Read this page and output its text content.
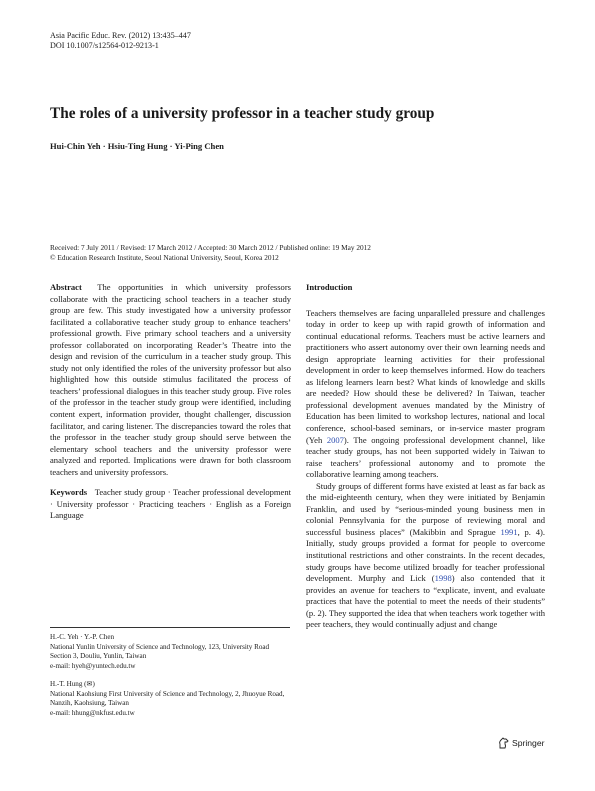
Asia Pacific Educ. Rev. (2012) 13:435–447
DOI 10.1007/s12564-012-9213-1
The roles of a university professor in a teacher study group
Hui-Chin Yeh · Hsiu-Ting Hung · Yi-Ping Chen
Received: 7 July 2011 / Revised: 17 March 2012 / Accepted: 30 March 2012 / Published online: 19 May 2012
© Education Research Institute, Seoul National University, Seoul, Korea 2012

Abstract The opportunities in which university professors collaborate with the practicing school teachers in a teacher study group are few. This study investigated how a university professor facilitated a collaborative teacher study group to enhance teachers’ professional growth. Five primary school teachers and a university professor collaborated on incorporating Reader’s Theatre into the design and revision of the curriculum in a teacher study group. This study not only identified the roles of the university professor but also highlighted how this outside stimulus facilitated the process of teachers’ professional dialogues in this teacher study group. Five roles of the professor in the teacher study group were identified, including content expert, information provider, thought challenger, discussion facilitator, and caring listener. The discrepancies toward the roles that the professor in the teacher study group should serve between the elementary school teachers and the university professor were analyzed and reported. Implications were drawn for both classroom teachers and university professors.

Keywords Teacher study group · Teacher professional development · University professor · Practicing teachers · English as a Foreign Language

H.-C. Yeh · Y.-P. Chen
National Yunlin University of Science and Technology, 123, University Road Section 3, Douliu, Yunlin, Taiwan
e-mail: hyeh@yuntech.edu.tw
H.-T. Hung (✉)
National Kaohsiung First University of Science and Technology, 2, Jhuoyue Road, Nanzih, Kaohsiung, Taiwan
e-mail: hhung@nkfust.edu.tw

Introduction

Teachers themselves are facing unparalleled pressure and challenges today in order to keep up with rapid growth of information and continual educational reforms. Teachers must be active learners and practitioners who assert autonomy over their own learning needs and design appropriate learning activities for their professional development in order to keep themselves informed. How do teachers as lifelong learners learn best? What kinds of knowledge and skills are needed? How should these be delivered? In Taiwan, teacher professional development avenues mandated by the Ministry of Education has been limited to workshop lectures, national and local conference, school-based seminars, or in-service master program (Yeh 2007). The ongoing professional development channel, like teacher study groups, has not been supported widely in Taiwan to raise teachers’ professional autonomy and to promote the collaborative learning among teachers.

Study groups of different forms have existed at least as far back as the mid-eighteenth century, when they were initiated by Benjamin Franklin, and used by “serious-minded young business men in colonial Pennsylvania for the purpose of reviewing moral and successful business places” (Makibbin and Sprague 1991, p. 4). Initially, study groups provided a format for people to overcome institutional restrictions and other constraints. In the recent decades, study groups have become utilized broadly for teacher professional development. Murphy and Lick (1998) also contended that it provides an avenue for teachers to “explicate, invent, and evaluate practices that have the potential to meet the needs of their students” (p. 2). They supported the idea that when teachers work together with peer teachers, they would continually adjust and change

Springer
